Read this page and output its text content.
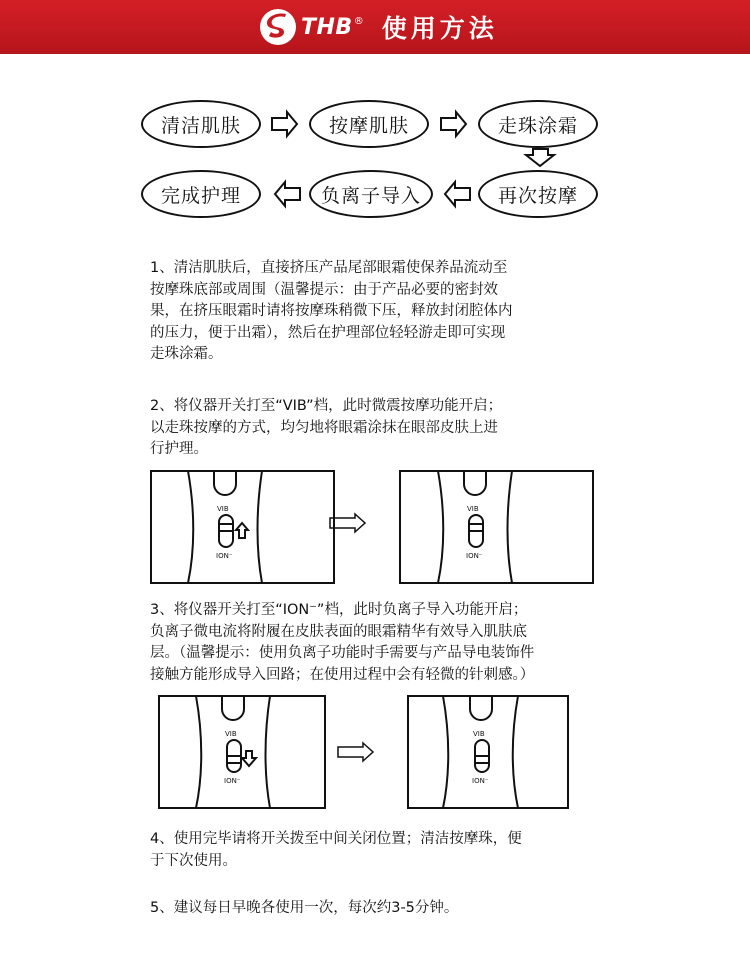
THB ® 使用方法
清洁肌肤	按摩肌肤	走珠涂霜
再次按摩
负离子导入
完成护理
1、清洁肌肤后，直接挤压产品尾部眼霜使保养品流动至
按摩珠底部或周围（温馨提示：由于产品必要的密封效
果，在挤压眼霜时请将按摩珠稍微下压，释放封闭腔体内
的压力，便于出霜），然后在护理部位轻轻游走即可实现
走珠涂霜。
2、将仪器开关打至“VIB”档，此时微震按摩功能开启；
以走珠按摩的方式，均匀地将眼霜涂抹在眼部皮肤上进
行护理。
VIB
ION⁻
VIB
ION⁻
3、将仪器开关打至“ION⁻”档，此时负离子导入功能开启；
负离子微电流将附履在皮肤表面的眼霜精华有效导入肌肤底
层。（温馨提示：使用负离子功能时手需要与产品导电装饰件
接触方能形成导入回路；在使用过程中会有轻微的针刺感。）
VIB
ION⁻
VIB
ION⁻
4、使用完毕请将开关拨至中间关闭位置；清洁按摩珠，便
于下次使用。
5、建议每日早晚各使用一次，每次约3-5分钟。
